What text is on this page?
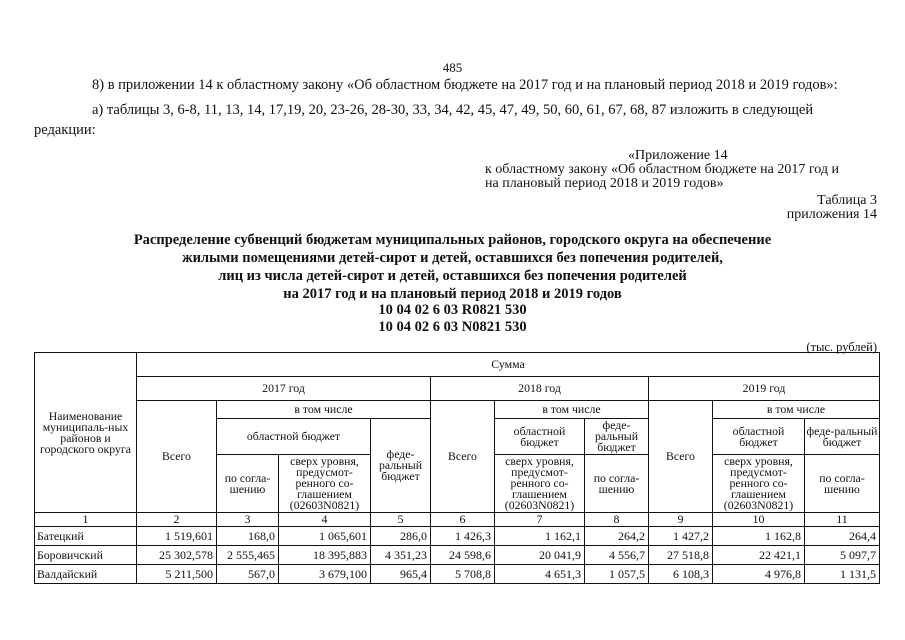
485
8) в приложении 14 к областному закону «Об областном бюджете на 2017 год и на плановый период 2018 и 2019 годов»:
а) таблицы 3, 6-8, 11, 13, 14, 17,19, 20, 23-26, 28-30, 33, 34, 42, 45, 47, 49, 50, 60, 61, 67, 68, 87 изложить в следующей
редакции:
«Приложение 14
к областному закону «Об областном бюджете на 2017 год и
на плановый период 2018 и 2019 годов»
Таблица 3
приложения 14
Распределение субвенций бюджетам муниципальных районов, городского округа на обеспечение
жилыми помещениями детей-сирот и детей, оставшихся без попечения родителей,
лиц из числа детей-сирот и детей, оставшихся без попечения родителей
на 2017 год и на плановый период 2018 и 2019 годов
10 04 02 6 03 R0821 530
10 04 02 6 03 N0821 530
(тыс. рублей)
Наименование муниципаль-ных районов и городского округа	Сумма									
	2017 год				2018 год			2019 год		
	Всего	в том числе			Всего	в том числе		Всего	в том числе	
		областной бюджет		феде-ральный бюджет		областной бюджет	феде-ральный бюджет		областной бюджет	феде-ральный бюджет
		по согла-шению	сверх уровня, предусмот-ренного со-глашением (02603N0821)			сверх уровня, предусмот-ренного со-глашением (02603N0821)	по согла-шению		сверх уровня, предусмот-ренного со-глашением (02603N0821)	по согла-шению
1	2	3	4	5	6	7	8	9	10	11
Батецкий	1 519,601	168,0	1 065,601	286,0	1 426,3	1 162,1	264,2	1 427,2	1 162,8	264,4
Боровичский	25 302,578	2 555,465	18 395,883	4 351,23	24 598,6	20 041,9	4 556,7	27 518,8	22 421,1	5 097,7
Валдайский	5 211,500	567,0	3 679,100	965,4	5 708,8	4 651,3	1 057,5	6 108,3	4 976,8	1 131,5
